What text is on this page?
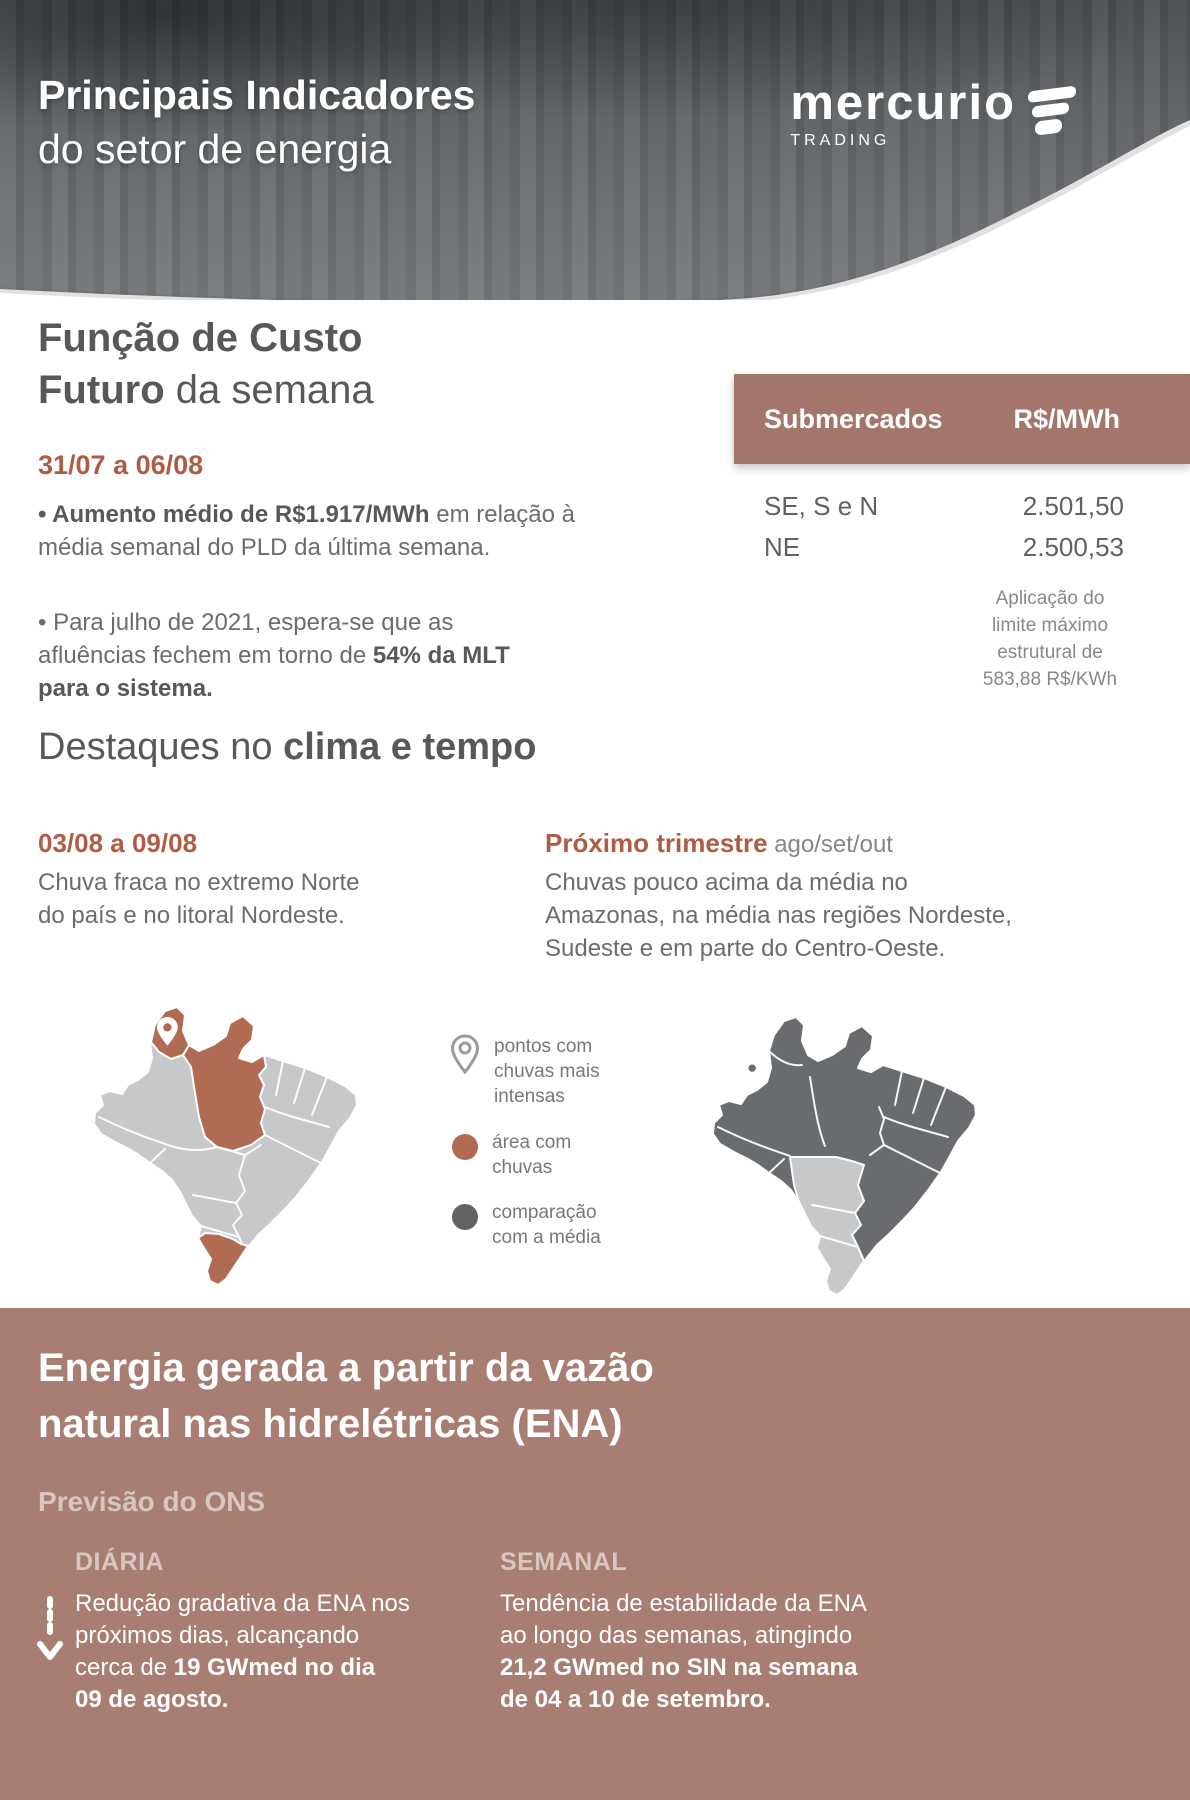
Principais Indicadores
do setor de energia
mercurio
TRADING
Função de Custo
Futuro da semana
31/07 a 06/08

• Aumento médio de R$1.917/MWh em relação à
média semanal do PLD da última semana.

• Para julho de 2021, espera-se que as
afluências fechem em torno de 54% da MLT
para o sistema.

Submercados	R$/MWh
SE, S e N	2.501,50
NE	2.500,53
Aplicação do
limite máximo
estrutural de
583,88 R$/KWh
Destaques no clima e tempo
03/08 a 09/08

Chuva fraca no extremo Norte
do país e no litoral Nordeste.

Próximo trimestre ago/set/out

Chuvas pouco acima da média no
Amazonas, na média nas regiões Nordeste,
Sudeste e em parte do Centro-Oeste.

pontos com
chuvas mais
intensas
área com
chuvas
comparação
com a média
Energia gerada a partir da vazão
natural nas hidrelétricas (ENA)
Previsão do ONS
DIÁRIA

Redução gradativa da ENA nos
próximos dias, alcançando
cerca de 19 GWmed no dia
09 de agosto.

SEMANAL

Tendência de estabilidade da ENA
ao longo das semanas, atingindo
21,2 GWmed no SIN na semana
de 04 a 10 de setembro.
